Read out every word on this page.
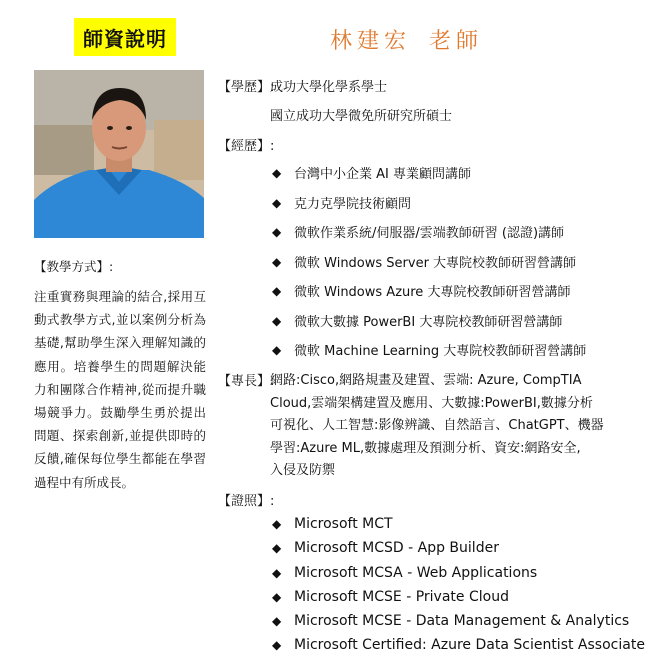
師資說明	林建宏 老師
【教學方式】:
注重實務與理論的結合,採用互動式教學方式,並以案例分析為基礎,幫助學生深入理解知識的應用。培養學生的問題解決能力和團隊合作精神,從而提升職場競爭力。鼓勵學生勇於提出問題、探索創新,並提供即時的反饋,確保每位學生都能在學習過程中有所成長。
【學歷】:
成功大學化學系學士
國立成功大學微免所研究所碩士
【經歷】:
◆ 台灣中小企業 AI 專業顧問講師
◆ 克力克學院技術顧問
◆ 微軟作業系統/伺服器/雲端教師研習 (認證)講師
◆ 微軟 Windows Server 大專院校教師研習營講師
◆ 微軟 Windows Azure 大專院校教師研習營講師
◆ 微軟大數據 PowerBI 大專院校教師研習營講師
◆ 微軟 Machine Learning 大專院校教師研習營講師
【專長】:
網路:Cisco,網路規畫及建置、雲端: Azure, CompTIA
Cloud,雲端架構建置及應用、大數據:PowerBI,數據分析
可視化、人工智慧:影像辨識、自然語言、ChatGPT、機器
學習:Azure ML,數據處理及預測分析、資安:網路安全,
入侵及防禦
【證照】:
◆ Microsoft MCT
◆ Microsoft MCSD - App Builder
◆ Microsoft MCSA - Web Applications
◆ Microsoft MCSE - Private Cloud
◆ Microsoft MCSE - Data Management & Analytics
◆ Microsoft Certified: Azure Data Scientist Associate
